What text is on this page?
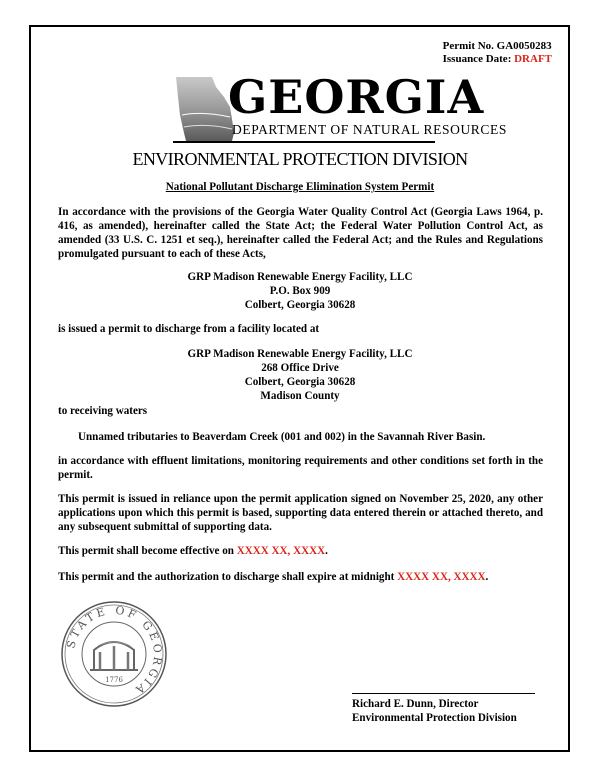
Permit No. GA0050283
Issuance Date: DRAFT
GEORGIA
DEPARTMENT OF NATURAL RESOURCES
ENVIRONMENTAL PROTECTION DIVISION
National Pollutant Discharge Elimination System Permit
In accordance with the provisions of the Georgia Water Quality Control Act (Georgia Laws 1964, p. 416, as amended), hereinafter called the State Act; the Federal Water Pollution Control Act, as amended (33 U.S. C. 1251 et seq.), hereinafter called the Federal Act; and the Rules and Regulations promulgated pursuant to each of these Acts,
GRP Madison Renewable Energy Facility, LLC
P.O. Box 909
Colbert, Georgia 30628
is issued a permit to discharge from a facility located at
GRP Madison Renewable Energy Facility, LLC
268 Office Drive
Colbert, Georgia 30628
Madison County
to receiving waters
Unnamed tributaries to Beaverdam Creek (001 and 002) in the Savannah River Basin.
in accordance with effluent limitations, monitoring requirements and other conditions set forth in the permit.
This permit is issued in reliance upon the permit application signed on November 25, 2020, any other applications upon which this permit is based, supporting data entered therein or attached thereto, and any subsequent submittal of supporting data.
This permit shall become effective on XXXX XX, XXXX.
This permit and the authorization to discharge shall expire at midnight XXXX XX, XXXX.
STATE OF GEORGIA
1776
Richard E. Dunn, Director
Environmental Protection Division
